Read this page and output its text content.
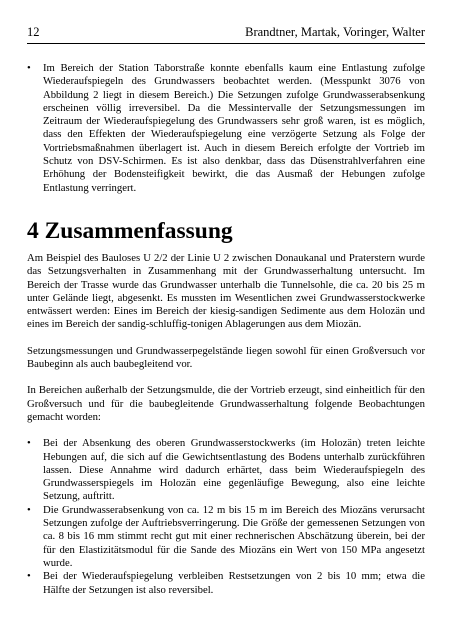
12	Brandtner, Martak, Voringer, Walter
• Im Bereich der Station Taborstraße konnte ebenfalls kaum eine Entlastung zufolge Wiederaufspiegeln des Grundwassers beobachtet werden. (Messpunkt 3076 von Abbildung 2 liegt in diesem Bereich.) Die Setzungen zufolge Grundwasserabsenkung erscheinen völlig irreversibel. Da die Messintervalle der Setzungsmessungen im Zeitraum der Wiederaufspiegelung des Grundwassers sehr groß waren, ist es möglich, dass den Effekten der Wiederaufspiegelung eine verzögerte Setzung als Folge der Vortriebsmaßnahmen überlagert ist. Auch in diesem Bereich erfolgte der Vortrieb im Schutz von DSV-Schirmen. Es ist also denkbar, dass das Düsenstrahlverfahren eine Erhöhung der Bodensteifigkeit bewirkt, die das Ausmaß der Hebungen zufolge Entlastung verringert.
4 Zusammenfassung

Am Beispiel des Bauloses U 2/2 der Linie U 2 zwischen Donaukanal und Praterstern wurde das Setzungsverhalten in Zusammenhang mit der Grundwasserhaltung untersucht. Im Bereich der Trasse wurde das Grundwasser unterhalb die Tunnelsohle, die ca. 20 bis 25 m unter Gelände liegt, abgesenkt. Es mussten im Wesentlichen zwei Grundwasserstockwerke entwässert werden: Eines im Bereich der kiesig-sandigen Sedimente aus dem Holozän und eines im Bereich der sandig-schluffig-tonigen Ablagerungen aus dem Miozän.

Setzungsmessungen und Grundwasserpegelstände liegen sowohl für einen Großversuch vor Baubeginn als auch baubegleitend vor.

In Bereichen außerhalb der Setzungsmulde, die der Vortrieb erzeugt, sind einheitlich für den Großversuch und für die baubegleitende Grundwasserhaltung folgende Beobachtungen gemacht worden:

• Bei der Absenkung des oberen Grundwasserstockwerks (im Holozän) treten leichte Hebungen auf, die sich auf die Gewichtsentlastung des Bodens unterhalb zurückführen lassen. Diese Annahme wird dadurch erhärtet, dass beim Wiederaufspiegeln des Grundwasserspiegels im Holozän eine gegenläufige Bewegung, also eine leichte Setzung, auftritt.
• Die Grundwasserabsenkung von ca. 12 m bis 15 m im Bereich des Miozäns verursacht Setzungen zufolge der Auftriebsverringerung. Die Größe der gemessenen Setzungen von ca. 8 bis 16 mm stimmt recht gut mit einer rechnerischen Abschätzung überein, bei der für den Elastizitätsmodul für die Sande des Miozäns ein Wert von 150 MPa angesetzt wurde.
• Bei der Wiederaufspiegelung verbleiben Restsetzungen von 2 bis 10 mm; etwa die Hälfte der Setzungen ist also reversibel.
